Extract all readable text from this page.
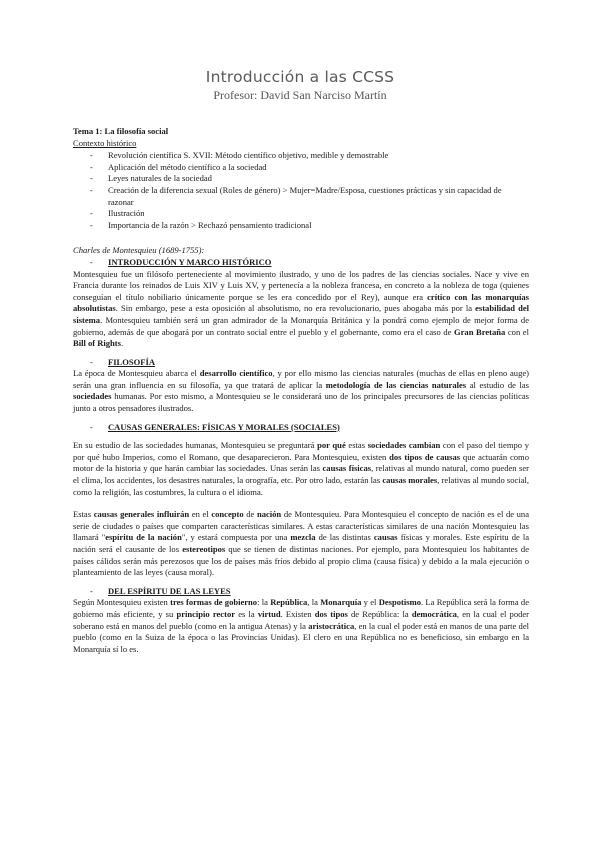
Introducción a las CCSS
Profesor: David San Narciso Martín

Tema 1: La filosofía social

Contexto histórico

- Revolución científica S. XVII: Método científico objetivo, medible y demostrable
- Aplicación del método científico a la sociedad
- Leyes naturales de la sociedad
- Creación de la diferencia sexual (Roles de género) > Mujer=Madre/Esposa, cuestiones prácticas y sin capacidad de razonar
- Ilustración
- Importancia de la razón > Rechazó pensamiento tradicional

Charles de Montesquieu (1689-1755):

- INTRODUCCIÓN Y MARCO HISTÓRICO

Montesquieu fue un filósofo perteneciente al movimiento ilustrado, y uno de los padres de las ciencias sociales. Nace y vive en Francia durante los reinados de Luis XIV y Luis XV, y pertenecía a la nobleza francesa, en concreto a la nobleza de toga (quienes conseguían el título nobiliario únicamente porque se les era concedido por el Rey), aunque era crítico con las monarquías absolutistas. Sin embargo, pese a esta oposición al absolutismo, no era revolucionario, pues abogaba más por la estabilidad del sistema. Montesquieu también será un gran admirador de la Monarquía Británica y la pondrá como ejemplo de mejor forma de gobierno, además de que abogará por un contrato social entre el pueblo y el gobernante, como era el caso de Gran Bretaña con el Bill of Rights.

- FILOSOFÍA

La época de Montesquieu abarca el desarrollo científico, y por ello mismo las ciencias naturales (muchas de ellas en pleno auge) serán una gran influencia en su filosofía, ya que tratará de aplicar la metodología de las ciencias naturales al estudio de las sociedades humanas. Por esto mismo, a Montesquieu se le considerará uno de los principales precursores de las ciencias políticas junto a otros pensadores ilustrados.

- CAUSAS GENERALES: FÍSICAS Y MORALES (SOCIALES)

En su estudio de las sociedades humanas, Montesquieu se preguntará por qué estas sociedades cambian con el paso del tiempo y por qué hubo Imperios, como el Romano, que desaparecieron. Para Montesquieu, existen dos tipos de causas que actuarán como motor de la historia y que harán cambiar las sociedades. Unas serán las causas físicas, relativas al mundo natural, como pueden ser el clima, los accidentes, los desastres naturales, la orografía, etc. Por otro lado, estarán las causas morales, relativas al mundo social, como la religión, las costumbres, la cultura o el idioma.

Estas causas generales influirán en el concepto de nación de Montesquieu. Para Montesquieu el concepto de nación es el de una serie de ciudades o países que comparten características similares. A estas características similares de una nación Montesquieu las llamará "espíritu de la nación", y estará compuesta por una mezcla de las distintas causas físicas y morales. Este espíritu de la nación será el causante de los estereotipos que se tienen de distintas naciones. Por ejemplo, para Montesquieu los habitantes de países cálidos serán más perezosos que los de países más fríos debido al propio clima (causa física) y debido a la mala ejecución o planteamiento de las leyes (causa moral).

- DEL ESPÍRITU DE LAS LEYES

Según Montesquieu existen tres formas de gobierno: la República, la Monarquía y el Despotismo. La República será la forma de gobierno más eficiente, y su principio rector es la virtud. Existen dos tipos de República: la democrática, en la cual el poder soberano está en manos del pueblo (como en la antigua Atenas) y la aristocrática, en la cual el poder está en manos de una parte del pueblo (como en la Suiza de la época o las Provincias Unidas). El clero en una República no es beneficioso, sin embargo en la Monarquía sí lo es.
